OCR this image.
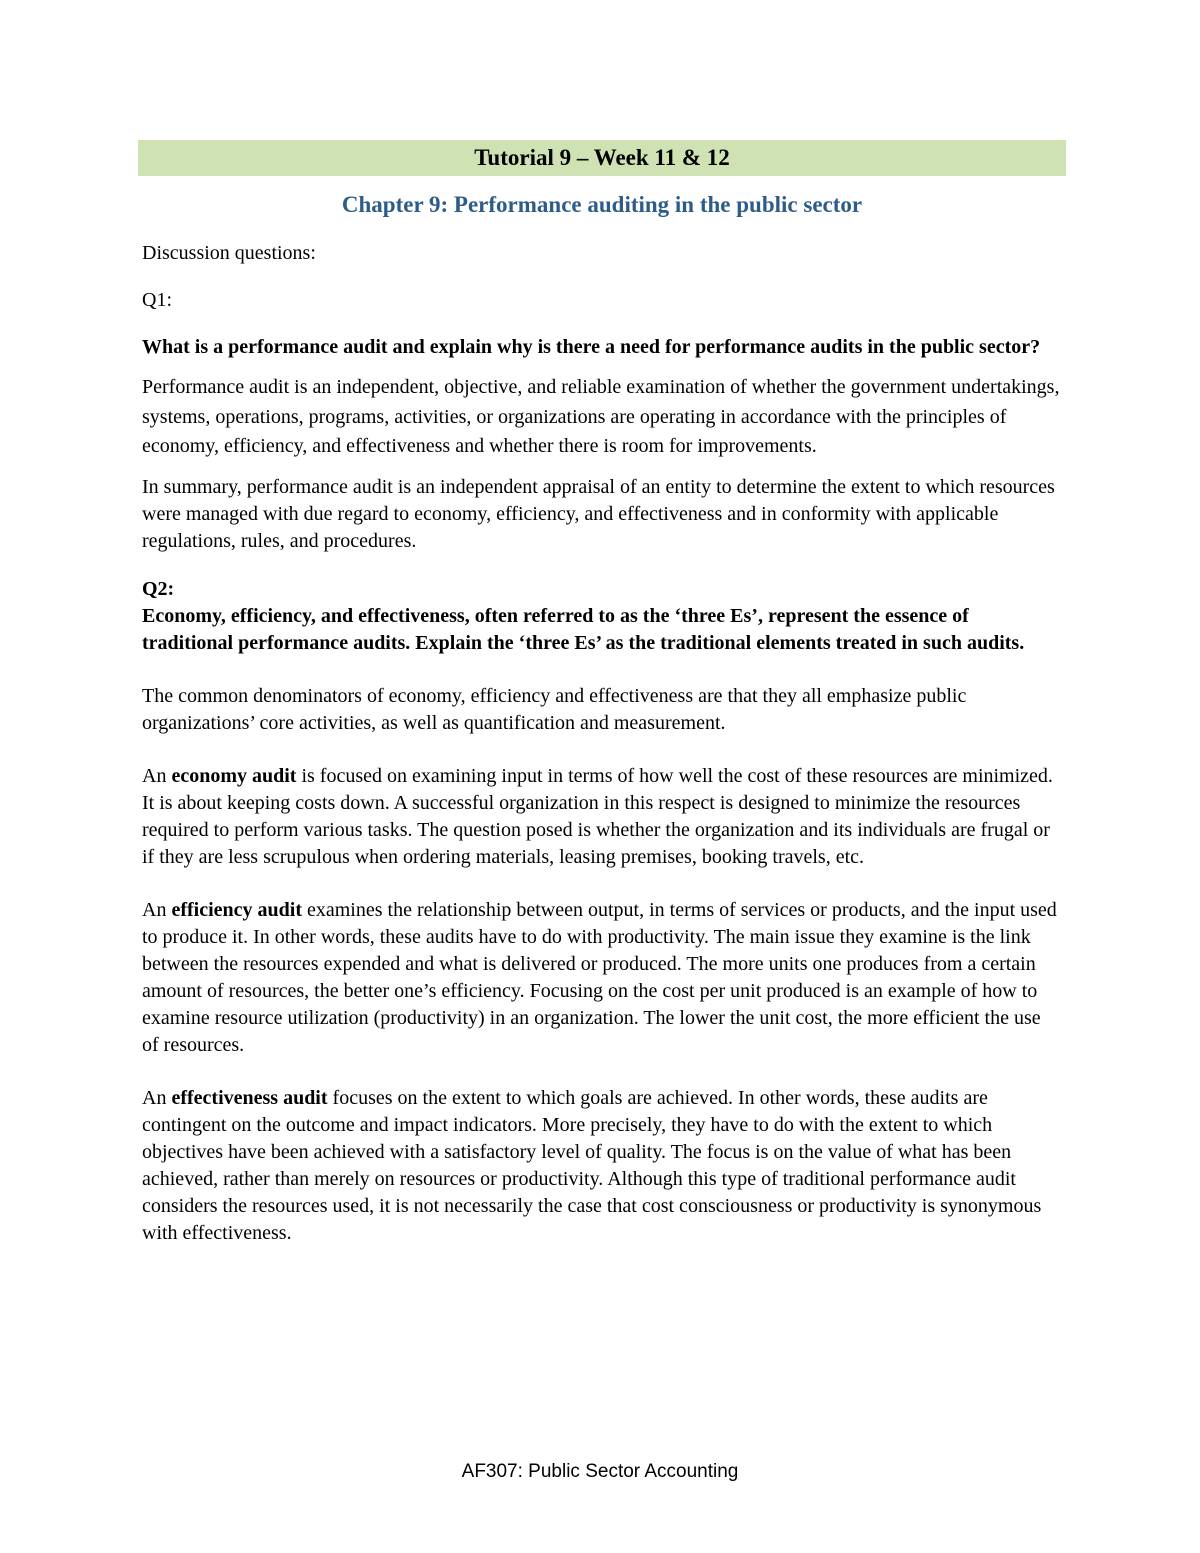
Tutorial 9 – Week 11 & 12
Chapter 9: Performance auditing in the public sector

Discussion questions:

Q1:

What is a performance audit and explain why is there a need for performance audits in the public sector?

Performance audit is an independent, objective, and reliable examination of whether the government undertakings, systems, operations, programs, activities, or organizations are operating in accordance with the principles of economy, efficiency, and effectiveness and whether there is room for improvements.

In summary, performance audit is an independent appraisal of an entity to determine the extent to which resources were managed with due regard to economy, efficiency, and effectiveness and in conformity with applicable regulations, rules, and procedures.

Q2:

Economy, efficiency, and effectiveness, often referred to as the ‘three Es’, represent the essence of traditional performance audits. Explain the ‘three Es’ as the traditional elements treated in such audits.

The common denominators of economy, efficiency and effectiveness are that they all emphasize public organizations’ core activities, as well as quantification and measurement.

An economy audit is focused on examining input in terms of how well the cost of these resources are minimized. It is about keeping costs down. A successful organization in this respect is designed to minimize the resources required to perform various tasks. The question posed is whether the organization and its individuals are frugal or if they are less scrupulous when ordering materials, leasing premises, booking travels, etc.

An efficiency audit examines the relationship between output, in terms of services or products, and the input used to produce it. In other words, these audits have to do with productivity. The main issue they examine is the link between the resources expended and what is delivered or produced. The more units one produces from a certain amount of resources, the better one’s efficiency. Focusing on the cost per unit produced is an example of how to examine resource utilization (productivity) in an organization. The lower the unit cost, the more efficient the use of resources.

An effectiveness audit focuses on the extent to which goals are achieved. In other words, these audits are contingent on the outcome and impact indicators. More precisely, they have to do with the extent to which objectives have been achieved with a satisfactory level of quality. The focus is on the value of what has been achieved, rather than merely on resources or productivity. Although this type of traditional performance audit considers the resources used, it is not necessarily the case that cost consciousness or productivity is synonymous with effectiveness.

AF307: Public Sector Accounting
